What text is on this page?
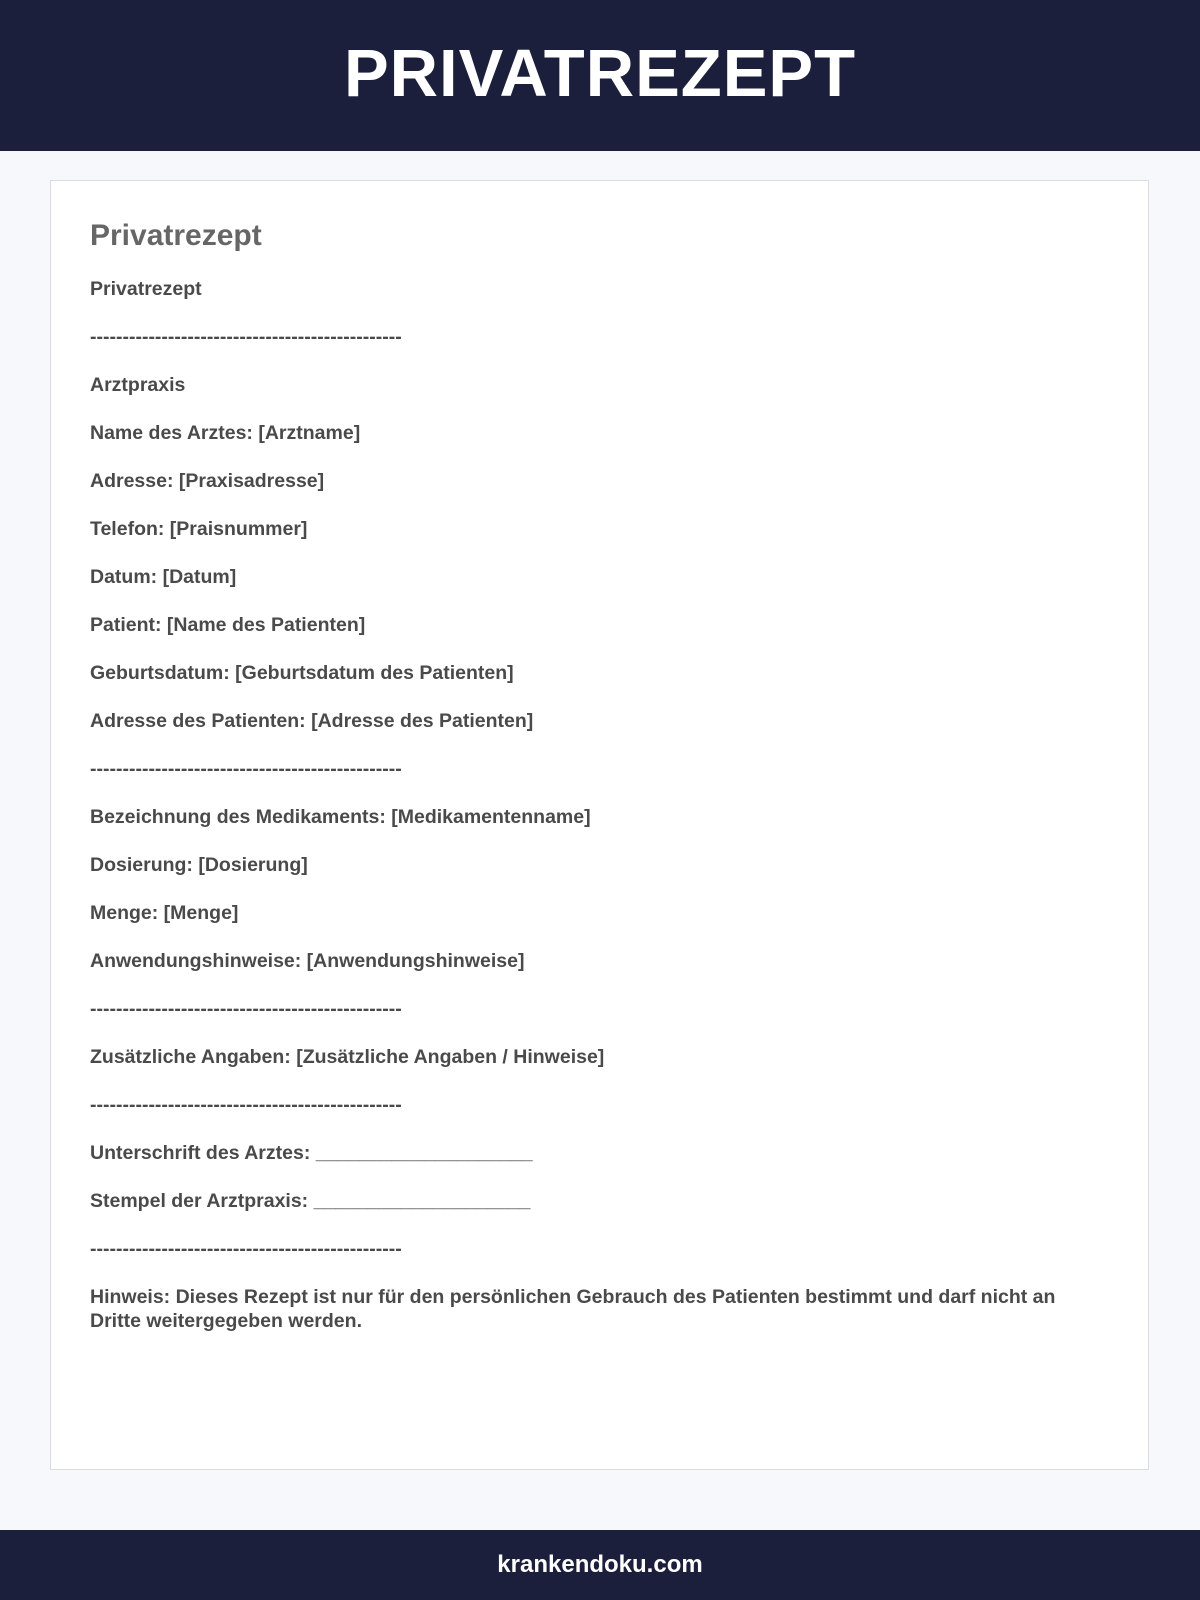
PRIVATREZEPT
Privatrezept

Privatrezept

------------------------------------------------

Arztpraxis

Name des Arztes: [Arztname]

Adresse: [Praxisadresse]

Telefon: [Praisnummer]

Datum: [Datum]

Patient: [Name des Patienten]

Geburtsdatum: [Geburtsdatum des Patienten]

Adresse des Patienten: [Adresse des Patienten]

------------------------------------------------

Bezeichnung des Medikaments: [Medikamentenname]

Dosierung: [Dosierung]

Menge: [Menge]

Anwendungshinweise: [Anwendungshinweise]

------------------------------------------------

Zusätzliche Angaben: [Zusätzliche Angaben / Hinweise]

------------------------------------------------

Unterschrift des Arztes: ____________________

Stempel der Arztpraxis: ____________________

------------------------------------------------

Hinweis: Dieses Rezept ist nur für den persönlichen Gebrauch des Patienten bestimmt und darf nicht an Dritte weitergegeben werden.

krankendoku.com
